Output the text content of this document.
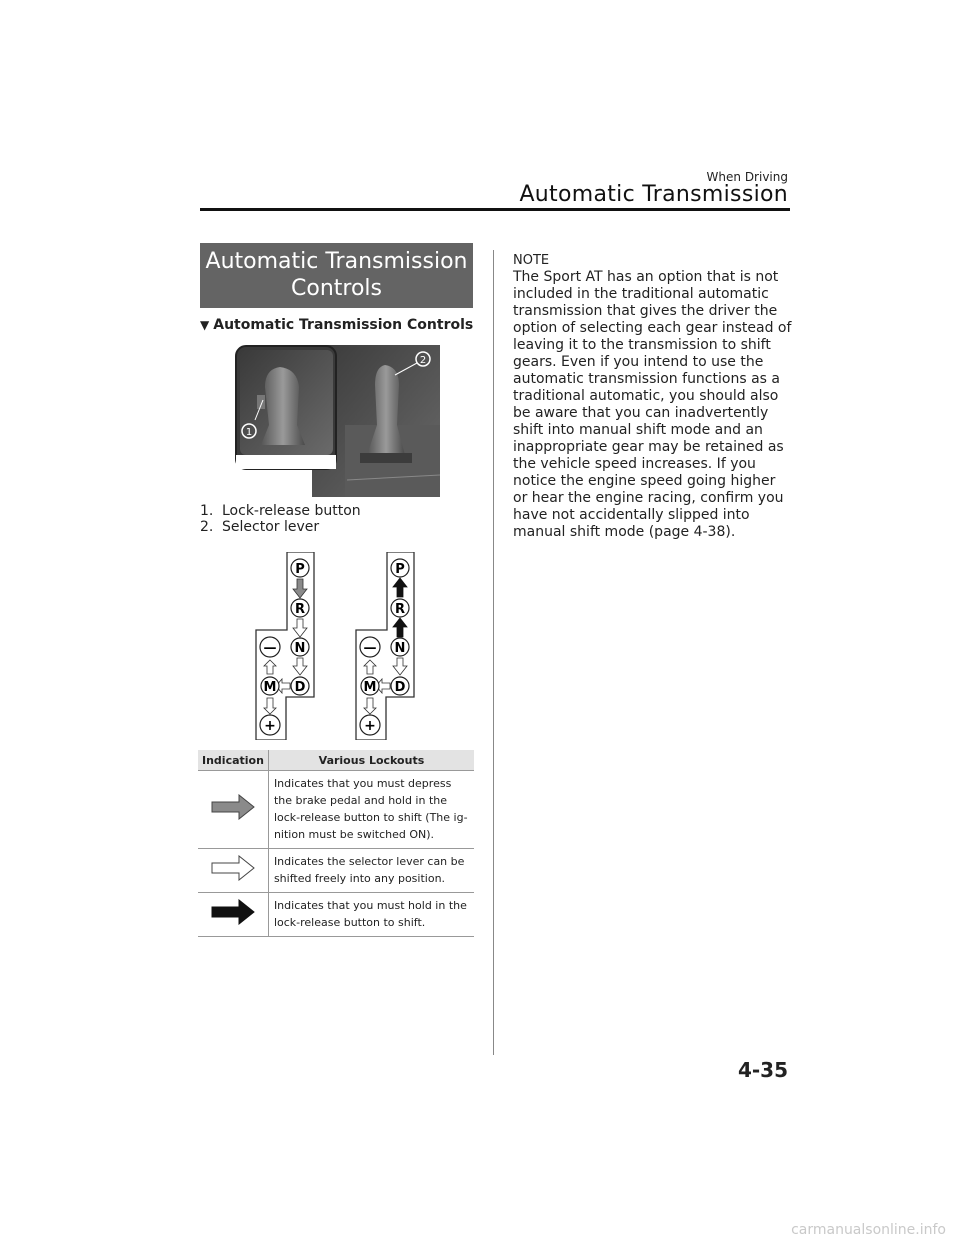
When Driving
Automatic Transmission
Automatic Transmission Controls
▼ Automatic Transmission Controls
1
2
1. Lock-release button
2. Selector lever
P
R
N
D
M
—
+
P
R
N
D
M
—
+
Indication	Various Lockouts
	Indicates that you must depress the brake pedal and hold in the lock-release button to shift (The ig-nition must be switched ON).
	Indicates the selector lever can be shifted freely into any position.
	Indicates that you must hold in the lock-release button to shift.
NOTE
The Sport AT has an option that is not included in the traditional automatic transmission that gives the driver the option of selecting each gear instead of leaving it to the transmission to shift gears. Even if you intend to use the automatic transmission functions as a traditional automatic, you should also be aware that you can inadvertently shift into manual shift mode and an inappropriate gear may be retained as the vehicle speed increases. If you notice the engine speed going higher or hear the engine racing, confirm you have not accidentally slipped into manual shift mode (page 4-38).
4-35
carmanualsonline.info
